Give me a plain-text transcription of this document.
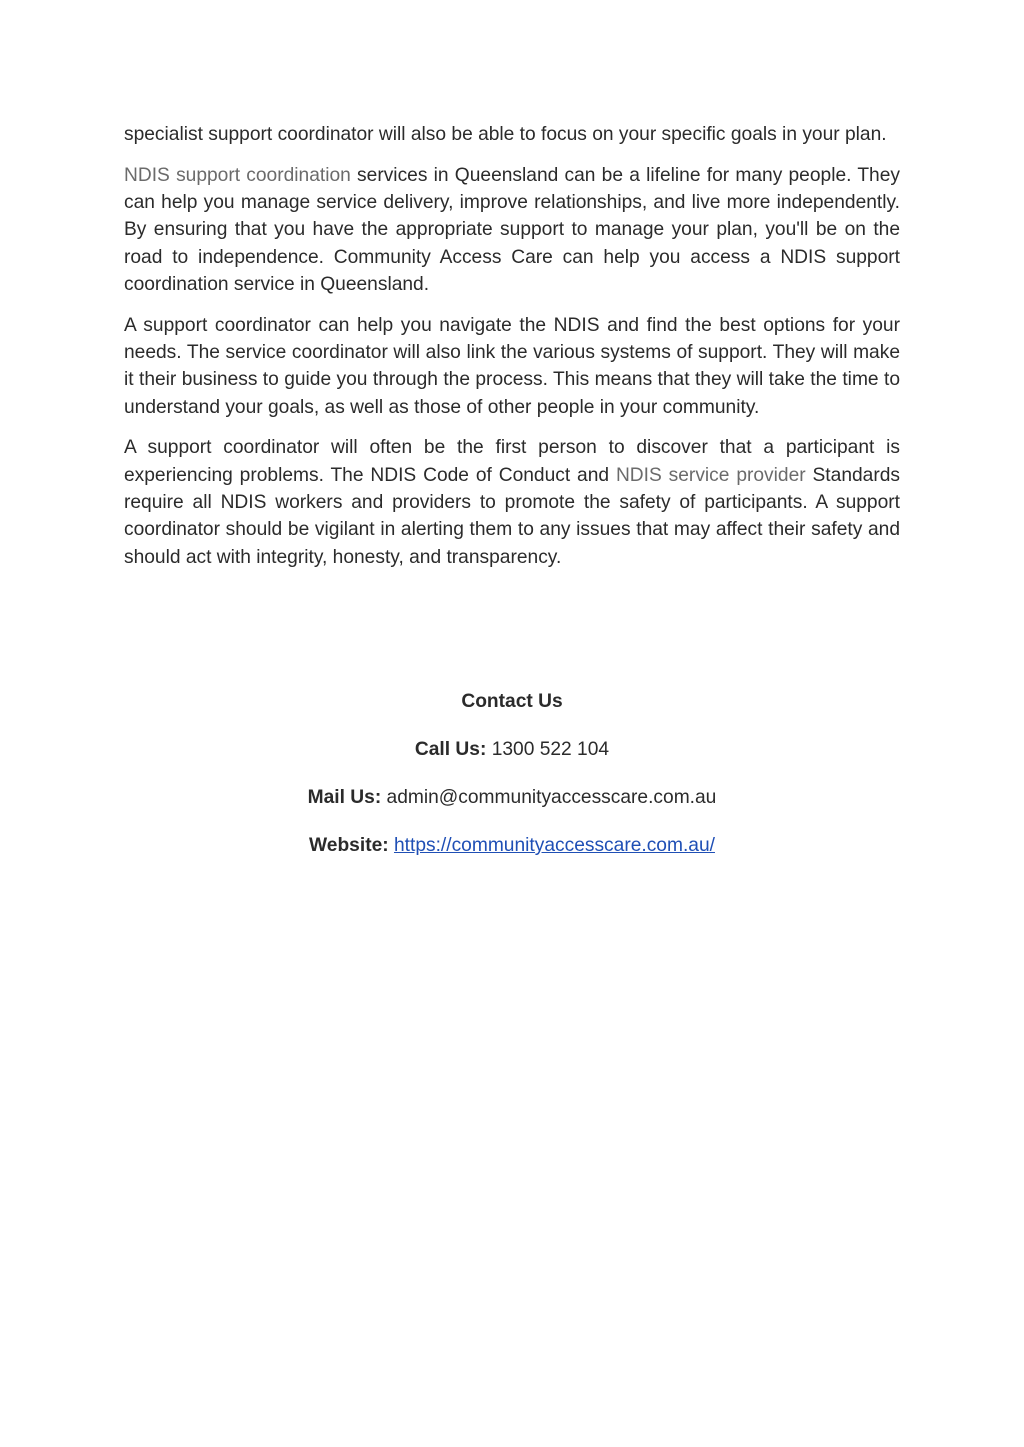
specialist support coordinator will also be able to focus on your specific goals in your plan.

NDIS support coordination services in Queensland can be a lifeline for many people. They can help you manage service delivery, improve relationships, and live more independently. By ensuring that you have the appropriate support to manage your plan, you'll be on the road to independence. Community Access Care can help you access a NDIS support coordination service in Queensland.

A support coordinator can help you navigate the NDIS and find the best options for your needs. The service coordinator will also link the various systems of support. They will make it their business to guide you through the process. This means that they will take the time to understand your goals, as well as those of other people in your community.

A support coordinator will often be the first person to discover that a participant is experiencing problems. The NDIS Code of Conduct and NDIS service provider Standards require all NDIS workers and providers to promote the safety of participants. A support coordinator should be vigilant in alerting them to any issues that may affect their safety and should act with integrity, honesty, and transparency.

Contact Us

Call Us: 1300 522 104

Mail Us: admin@communityaccesscare.com.au

Website: https://communityaccesscare.com.au/
